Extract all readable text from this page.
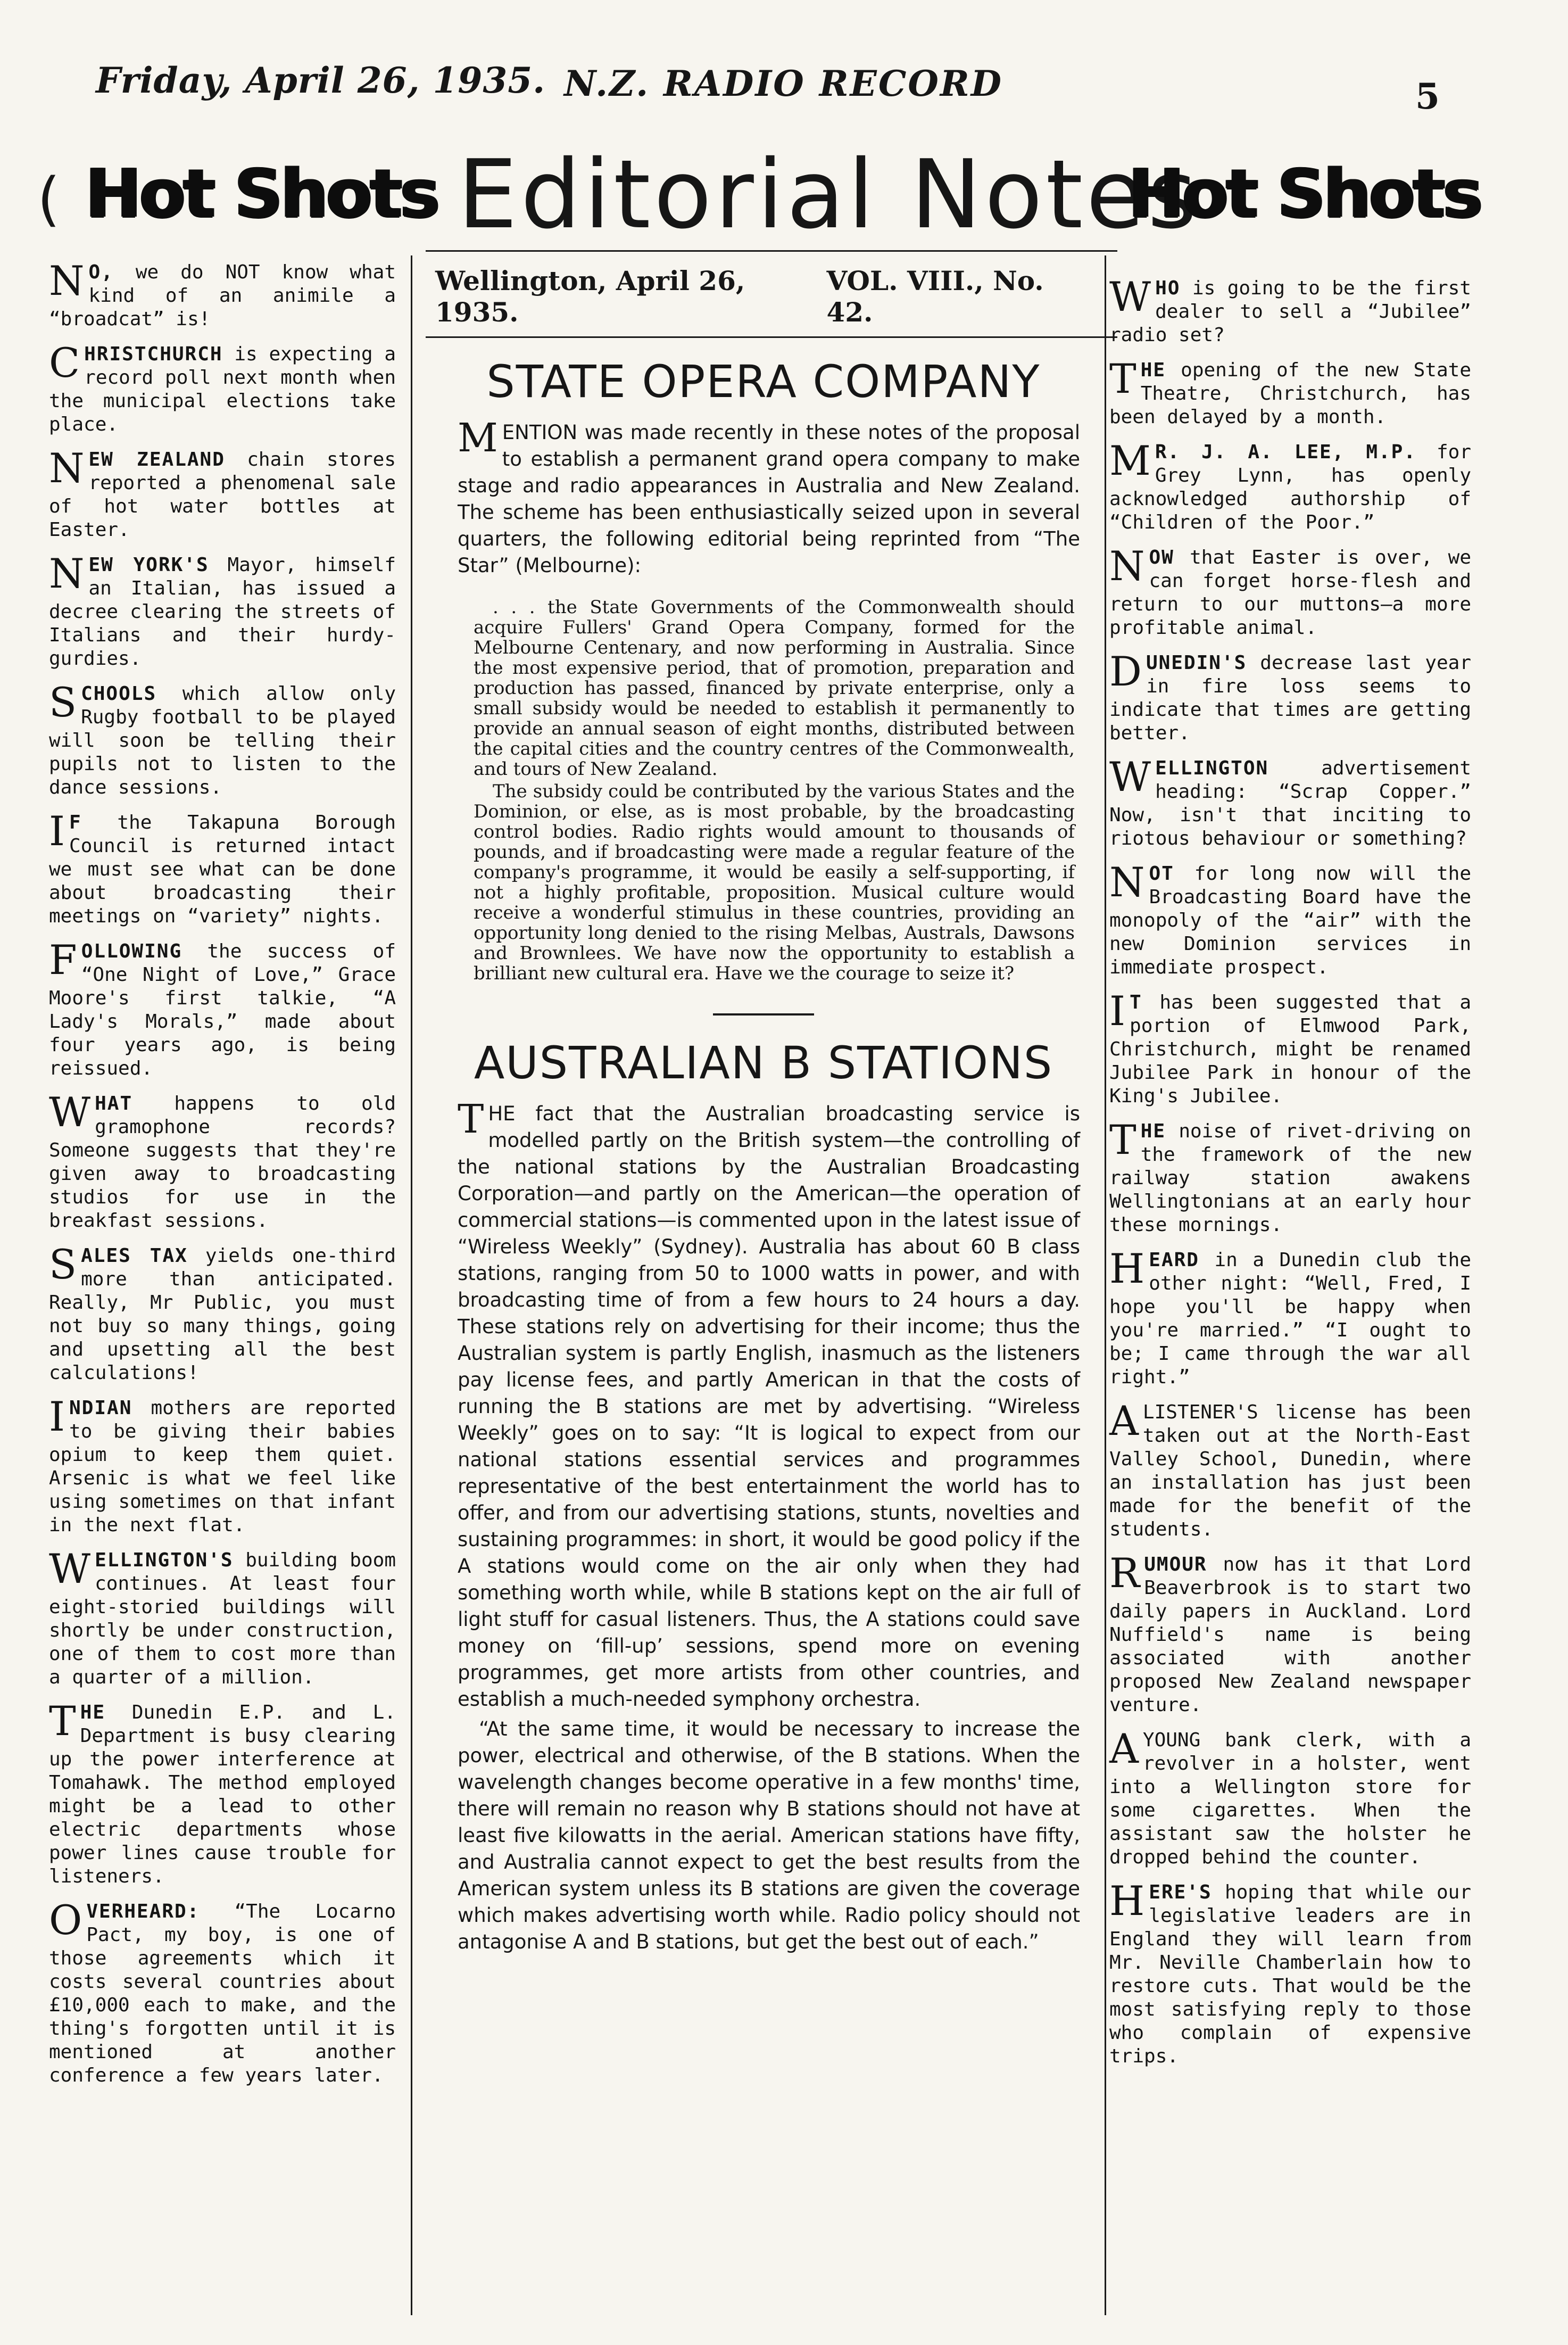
Friday, April 26, 1935. N.Z. RADIO RECORD	5
( Hot Shots Editorial Notes
Hot Shots
N O, we do NOT know what kind of an animile a “broadcat” is!
CHRISTCHURCH is expecting a record poll next month when the municipal elections take place.
NEW ZEALAND chain stores reported a phenomenal sale of hot water bottles at Easter.
NEW YORK'S Mayor, himself an Italian, has issued a decree clearing the streets of Italians and their hurdy-gurdies.
SCHOOLS which allow only Rugby football to be played will soon be telling their pupils not to listen to the dance sessions.
I F the Takapuna Borough Council is returned intact we must see what can be done about broadcasting their meetings on “variety” nights.
FOLLOWING the success of “One Night of Love,” Grace Moore's first talkie, “A Lady's Morals,” made about four years ago, is being reissued.
WHAT happens to old gramophone records? Someone suggests that they're given away to broadcasting studios for use in the breakfast sessions.
SALES TAX yields one-third more than anticipated. Really, Mr Public, you must not buy so many things, going and upsetting all the best calculations!
INDIAN mothers are reported to be giving their babies opium to keep them quiet. Arsenic is what we feel like using sometimes on that infant in the next flat.
WELLINGTON'S building boom continues. At least four eight-storied buildings will shortly be under construction, one of them to cost more than a quarter of a million.
THE Dunedin E.P. and L. Department is busy clearing up the power interference at Tomahawk. The method employed might be a lead to other electric departments whose power lines cause trouble for listeners.
OVERHEARD: “The Locarno Pact, my boy, is one of those agreements which it costs several countries about £10,000 each to make, and the thing's forgotten until it is mentioned at another conference a few years later.
Wellington, April 26, 1935.
VOL. VIII., No. 42.
STATE OPERA COMPANY
MENTION was made recently in these notes of the proposal to establish a permanent grand opera company to make stage and radio appearances in Australia and New Zealand. The scheme has been enthusiastically seized upon in several quarters, the following editorial being reprinted from “The Star” (Melbourne):

. . . the State Governments of the Commonwealth should acquire Fullers' Grand Opera Company, formed for the Melbourne Centenary, and now performing in Australia. Since the most expensive period, that of promotion, preparation and production has passed, financed by private enterprise, only a small subsidy would be needed to establish it permanently to provide an annual season of eight months, distributed between the capital cities and the country centres of the Commonwealth, and tours of New Zealand.

The subsidy could be contributed by the various States and the Dominion, or else, as is most probable, by the broadcasting control bodies. Radio rights would amount to thousands of pounds, and if broadcasting were made a regular feature of the company's programme, it would be easily a self-supporting, if not a highly profitable, proposition. Musical culture would receive a wonderful stimulus in these countries, providing an opportunity long denied to the rising Melbas, Australs, Dawsons and Brownlees. We have now the opportunity to establish a brilliant new cultural era. Have we the courage to seize it?

AUSTRALIAN B STATIONS

THE fact that the Australian broadcasting service is modelled partly on the British system—the controlling of the national stations by the Australian Broadcasting Corporation—and partly on the American—the operation of commercial stations—is commented upon in the latest issue of “Wireless Weekly” (Sydney). Australia has about 60 B class stations, ranging from 50 to 1000 watts in power, and with broadcasting time of from a few hours to 24 hours a day. These stations rely on advertising for their income; thus the Australian system is partly English, inasmuch as the listeners pay license fees, and partly American in that the costs of running the B stations are met by advertising. “Wireless Weekly” goes on to say: “It is logical to expect from our national stations essential services and programmes representative of the best entertainment the world has to offer, and from our advertising stations, stunts, novelties and sustaining programmes: in short, it would be good policy if the A stations would come on the air only when they had something worth while, while B stations kept on the air full of light stuff for casual listeners. Thus, the A stations could save money on ‘fill-up’ sessions, spend more on evening programmes, get more artists from other countries, and establish a much-needed symphony orchestra.

“At the same time, it would be necessary to increase the power, electrical and otherwise, of the B stations. When the wavelength changes become operative in a few months' time, there will remain no reason why B stations should not have at least five kilowatts in the aerial. American stations have fifty, and Australia cannot expect to get the best results from the American system unless its B stations are given the coverage which makes advertising worth while. Radio policy should not antagonise A and B stations, but get the best out of each.”

WHO is going to be the first dealer to sell a “Jubilee” radio set?
THE opening of the new State Theatre, Christchurch, has been delayed by a month.
M R. J. A. LEE, M.P. for Grey Lynn, has openly acknowledged authorship of “Children of the Poor.”
NOW that Easter is over, we can forget horse-flesh and return to our muttons—a more profitable animal.
DUNEDIN'S decrease last year in fire loss seems to indicate that times are getting better.
WELLINGTON advertisement heading: “Scrap Copper.” Now, isn't that inciting to riotous behaviour or something?
NOT for long now will the Broadcasting Board have the monopoly of the “air” with the new Dominion services in immediate prospect.
I T has been suggested that a portion of Elmwood Park, Christchurch, might be renamed Jubilee Park in honour of the King's Jubilee.
THE noise of rivet-driving on the framework of the new railway station awakens Wellingtonians at an early hour these mornings.
HEARD in a Dunedin club the other night: “Well, Fred, I hope you'll be happy when you're married.” “I ought to be; I came through the war all right.”
A LISTENER'S license has been taken out at the North-East Valley School, Dunedin, where an installation has just been made for the benefit of the students.
RUMOUR now has it that Lord Beaverbrook is to start two daily papers in Auckland. Lord Nuffield's name is being associated with another proposed New Zealand newspaper venture.
A YOUNG bank clerk, with a revolver in a holster, went into a Wellington store for some cigarettes. When the assistant saw the holster he dropped behind the counter.
HERE'S hoping that while our legislative leaders are in England they will learn from Mr. Neville Chamberlain how to restore cuts. That would be the most satisfying reply to those who complain of expensive trips.
